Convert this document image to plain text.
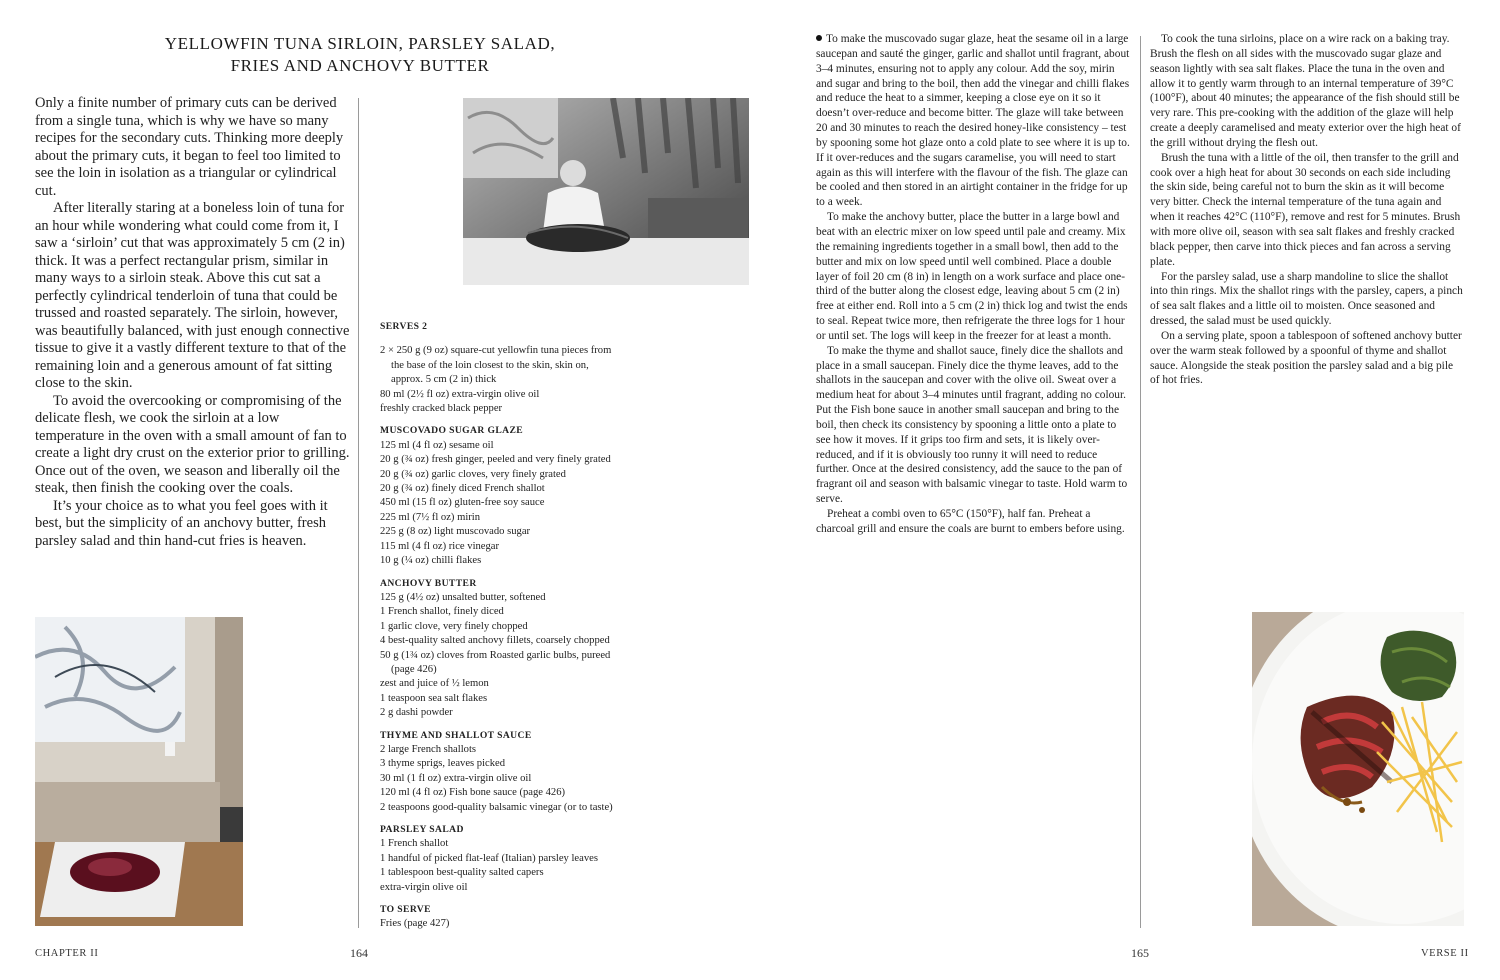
YELLOWFIN TUNA SIRLOIN, PARSLEY SALAD,
FRIES AND ANCHOVY BUTTER

Only a finite number of primary cuts can be derived from a single tuna, which is why we have so many recipes for the secondary cuts. Thinking more deeply about the primary cuts, it began to feel too limited to see the loin in isolation as a triangular or cylindrical cut.

After literally staring at a boneless loin of tuna for an hour while wondering what could come from it, I saw a ‘sirloin’ cut that was approximately 5 cm (2 in) thick. It was a perfect rectangular prism, similar in many ways to a sirloin steak. Above this cut sat a perfectly cylindrical tenderloin of tuna that could be trussed and roasted separately. The sirloin, however, was beautifully balanced, with just enough connective tissue to give it a vastly different texture to that of the remaining loin and a generous amount of fat sitting close to the skin.

To avoid the overcooking or compromising of the delicate flesh, we cook the sirloin at a low temperature in the oven with a small amount of fan to create a light dry crust on the exterior prior to grilling. Once out of the oven, we season and liberally oil the steak, then finish the cooking over the coals.

It’s your choice as to what you feel goes with it best, but the simplicity of an anchovy butter, fresh parsley salad and thin hand-cut fries is heaven.

CHAPTER II	164
SERVES 2
2 × 250 g (9 oz) square-cut yellowfin tuna pieces from
the base of the loin closest to the skin, skin on,
approx. 5 cm (2 in) thick
80 ml (2½ fl oz) extra-virgin olive oil
freshly cracked black pepper
MUSCOVADO SUGAR GLAZE
125 ml (4 fl oz) sesame oil
20 g (¾ oz) fresh ginger, peeled and very finely grated
20 g (¾ oz) garlic cloves, very finely grated
20 g (¾ oz) finely diced French shallot
450 ml (15 fl oz) gluten-free soy sauce
225 ml (7½ fl oz) mirin
225 g (8 oz) light muscovado sugar
115 ml (4 fl oz) rice vinegar
10 g (¼ oz) chilli flakes
ANCHOVY BUTTER
125 g (4½ oz) unsalted butter, softened
1 French shallot, finely diced
1 garlic clove, very finely chopped
4 best-quality salted anchovy fillets, coarsely chopped
50 g (1¾ oz) cloves from Roasted garlic bulbs, pureed
(page 426)
zest and juice of ½ lemon
1 teaspoon sea salt flakes
2 g dashi powder
THYME AND SHALLOT SAUCE
2 large French shallots
3 thyme sprigs, leaves picked
30 ml (1 fl oz) extra-virgin olive oil
120 ml (4 fl oz) Fish bone sauce (page 426)
2 teaspoons good-quality balsamic vinegar (or to taste)
PARSLEY SALAD
1 French shallot
1 handful of picked flat-leaf (Italian) parsley leaves
1 tablespoon best-quality salted capers
extra-virgin olive oil
TO SERVE
Fries (page 427)

To make the muscovado sugar glaze, heat the sesame oil in a large saucepan and sauté the ginger, garlic and shallot until fragrant, about 3–4 minutes, ensuring not to apply any colour. Add the soy, mirin and sugar and bring to the boil, then add the vinegar and chilli flakes and reduce the heat to a simmer, keeping a close eye on it so it doesn’t over-reduce and become bitter. The glaze will take between 20 and 30 minutes to reach the desired honey-like consistency – test by spooning some hot glaze onto a cold plate to see where it is up to. If it over-reduces and the sugars caramelise, you will need to start again as this will interfere with the flavour of the fish. The glaze can be cooled and then stored in an airtight container in the fridge for up to a week.

To make the anchovy butter, place the butter in a large bowl and beat with an electric mixer on low speed until pale and creamy. Mix the remaining ingredients together in a small bowl, then add to the butter and mix on low speed until well combined. Place a double layer of foil 20 cm (8 in) in length on a work surface and place one-third of the butter along the closest edge, leaving about 5 cm (2 in) free at either end. Roll into a 5 cm (2 in) thick log and twist the ends to seal. Repeat twice more, then refrigerate the three logs for 1 hour or until set. The logs will keep in the freezer for at least a month.

To make the thyme and shallot sauce, finely dice the shallots and place in a small saucepan. Finely dice the thyme leaves, add to the shallots in the saucepan and cover with the olive oil. Sweat over a medium heat for about 3–4 minutes until fragrant, adding no colour. Put the Fish bone sauce in another small saucepan and bring to the boil, then check its consistency by spooning a little onto a plate to see how it moves. If it grips too firm and sets, it is likely over-reduced, and if it is obviously too runny it will need to reduce further. Once at the desired consistency, add the sauce to the pan of fragrant oil and season with balsamic vinegar to taste. Hold warm to serve.

Preheat a combi oven to 65°C (150°F), half fan. Preheat a charcoal grill and ensure the coals are burnt to embers before using.

To cook the tuna sirloins, place on a wire rack on a baking tray. Brush the flesh on all sides with the muscovado sugar glaze and season lightly with sea salt flakes. Place the tuna in the oven and allow it to gently warm through to an internal temperature of 39°C (100°F), about 40 minutes; the appearance of the fish should still be very rare. This pre-cooking with the addition of the glaze will help create a deeply caramelised and meaty exterior over the high heat of the grill without drying the flesh out.

Brush the tuna with a little of the oil, then transfer to the grill and cook over a high heat for about 30 seconds on each side including the skin side, being careful not to burn the skin as it will become very bitter. Check the internal temperature of the tuna again and when it reaches 42°C (110°F), remove and rest for 5 minutes. Brush with more olive oil, season with sea salt flakes and freshly cracked black pepper, then carve into thick pieces and fan across a serving plate.

For the parsley salad, use a sharp mandoline to slice the shallot into thin rings. Mix the shallot rings with the parsley, capers, a pinch of sea salt flakes and a little oil to moisten. Once seasoned and dressed, the salad must be used quickly.

On a serving plate, spoon a tablespoon of softened anchovy butter over the warm steak followed by a spoonful of thyme and shallot sauce. Alongside the steak position the parsley salad and a big pile of hot fries.

165	VERSE II
